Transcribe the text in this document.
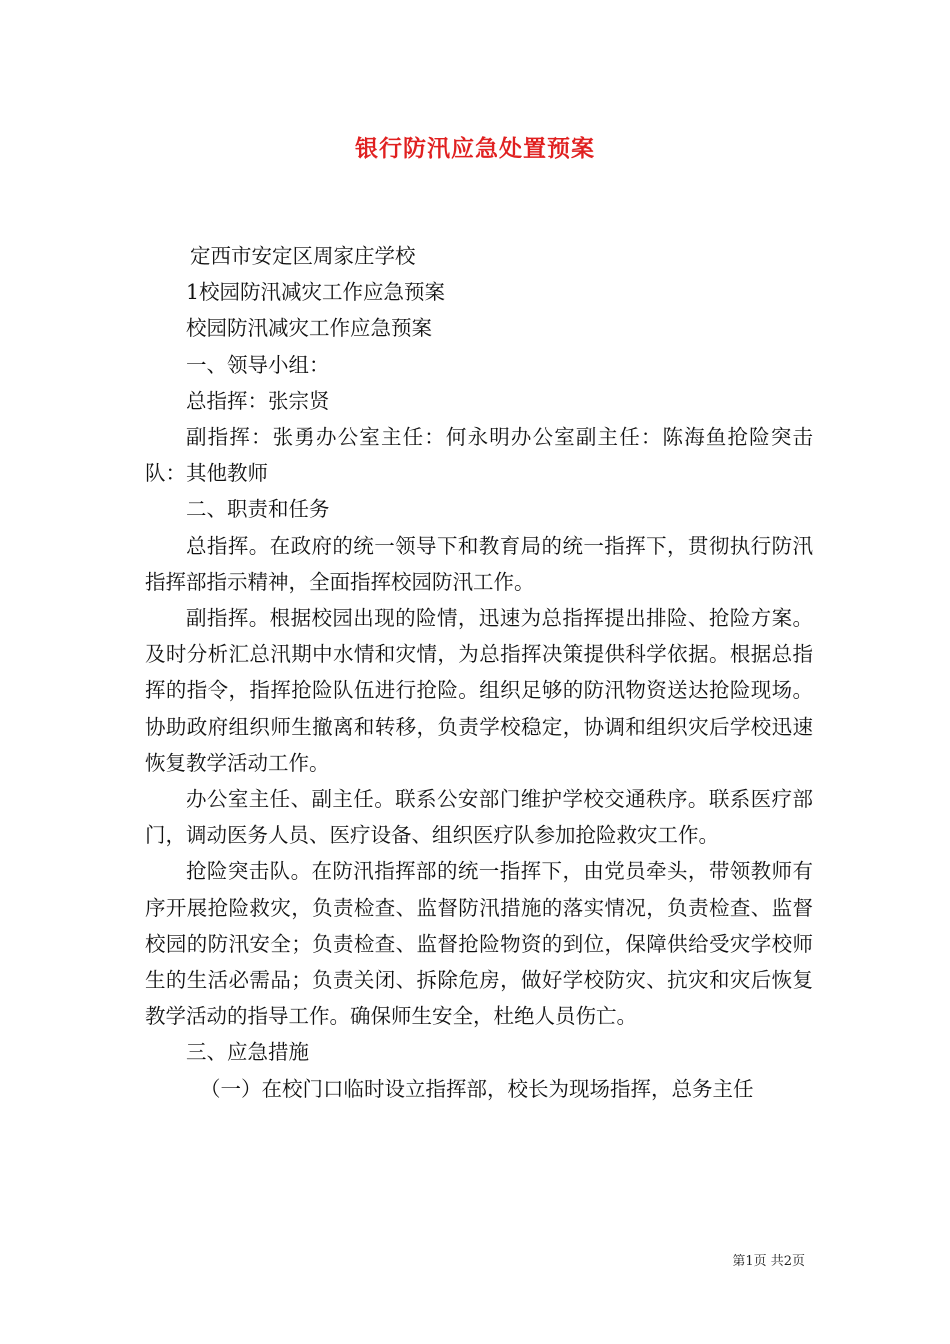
银行防汛应急处置预案

定西市安定区周家庄学校

1校园防汛减灾工作应急预案

校园防汛减灾工作应急预案

一、领导小组：

总指挥：张宗贤

副指挥：张勇办公室主任：何永明办公室副主任：陈海鱼抢险突击队：其他教师

二、职责和任务

总指挥。在政府的统一领导下和教育局的统一指挥下，贯彻执行防汛指挥部指示精神，全面指挥校园防汛工作。

副指挥。根据校园出现的险情，迅速为总指挥提出排险、抢险方案。及时分析汇总汛期中水情和灾情，为总指挥决策提供科学依据。根据总指挥的指令，指挥抢险队伍进行抢险。组织足够的防汛物资送达抢险现场。协助政府组织师生撤离和转移，负责学校稳定，协调和组织灾后学校迅速恢复教学活动工作。

办公室主任、副主任。联系公安部门维护学校交通秩序。联系医疗部门，调动医务人员、医疗设备、组织医疗队参加抢险救灾工作。

抢险突击队。在防汛指挥部的统一指挥下，由党员牵头，带领教师有序开展抢险救灾，负责检查、监督防汛措施的落实情况，负责检查、监督校园的防汛安全；负责检查、监督抢险物资的到位，保障供给受灾学校师生的生活必需品；负责关闭、拆除危房，做好学校防灾、抗灾和灾后恢复教学活动的指导工作。确保师生安全，杜绝人员伤亡。

三、应急措施

（一）在校门口临时设立指挥部，校长为现场指挥，总务主任

第1页 共2页
